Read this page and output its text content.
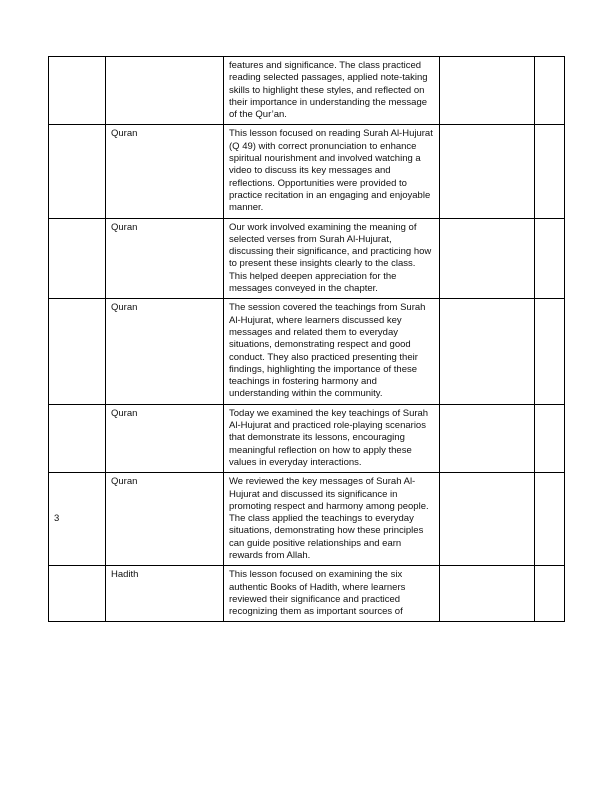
		features and significance. The class practiced reading selected passages, applied note-taking skills to highlight these styles, and reflected on their importance in understanding the message of the Qur’an.		
	Quran	This lesson focused on reading Surah Al-Hujurat (Q 49) with correct pronunciation to enhance spiritual nourishment and involved watching a video to discuss its key messages and reflections. Opportunities were provided to practice recitation in an engaging and enjoyable manner.		
	Quran	Our work involved examining the meaning of selected verses from Surah Al-Hujurat, discussing their significance, and practicing how to present these insights clearly to the class. This helped deepen appreciation for the messages conveyed in the chapter.		
	Quran	The session covered the teachings from Surah Al-Hujurat, where learners discussed key messages and related them to everyday situations, demonstrating respect and good conduct. They also practiced presenting their findings, highlighting the importance of these teachings in fostering harmony and understanding within the community.		
	Quran	Today we examined the key teachings of Surah Al-Hujurat and practiced role-playing scenarios that demonstrate its lessons, encouraging meaningful reflection on how to apply these values in everyday interactions.		
3	Quran	We reviewed the key messages of Surah Al-Hujurat and discussed its significance in promoting respect and harmony among people. The class applied the teachings to everyday situations, demonstrating how these principles can guide positive relationships and earn rewards from Allah.		
	Hadith	This lesson focused on examining the six authentic Books of Hadith, where learners reviewed their significance and practiced recognizing them as important sources of		
